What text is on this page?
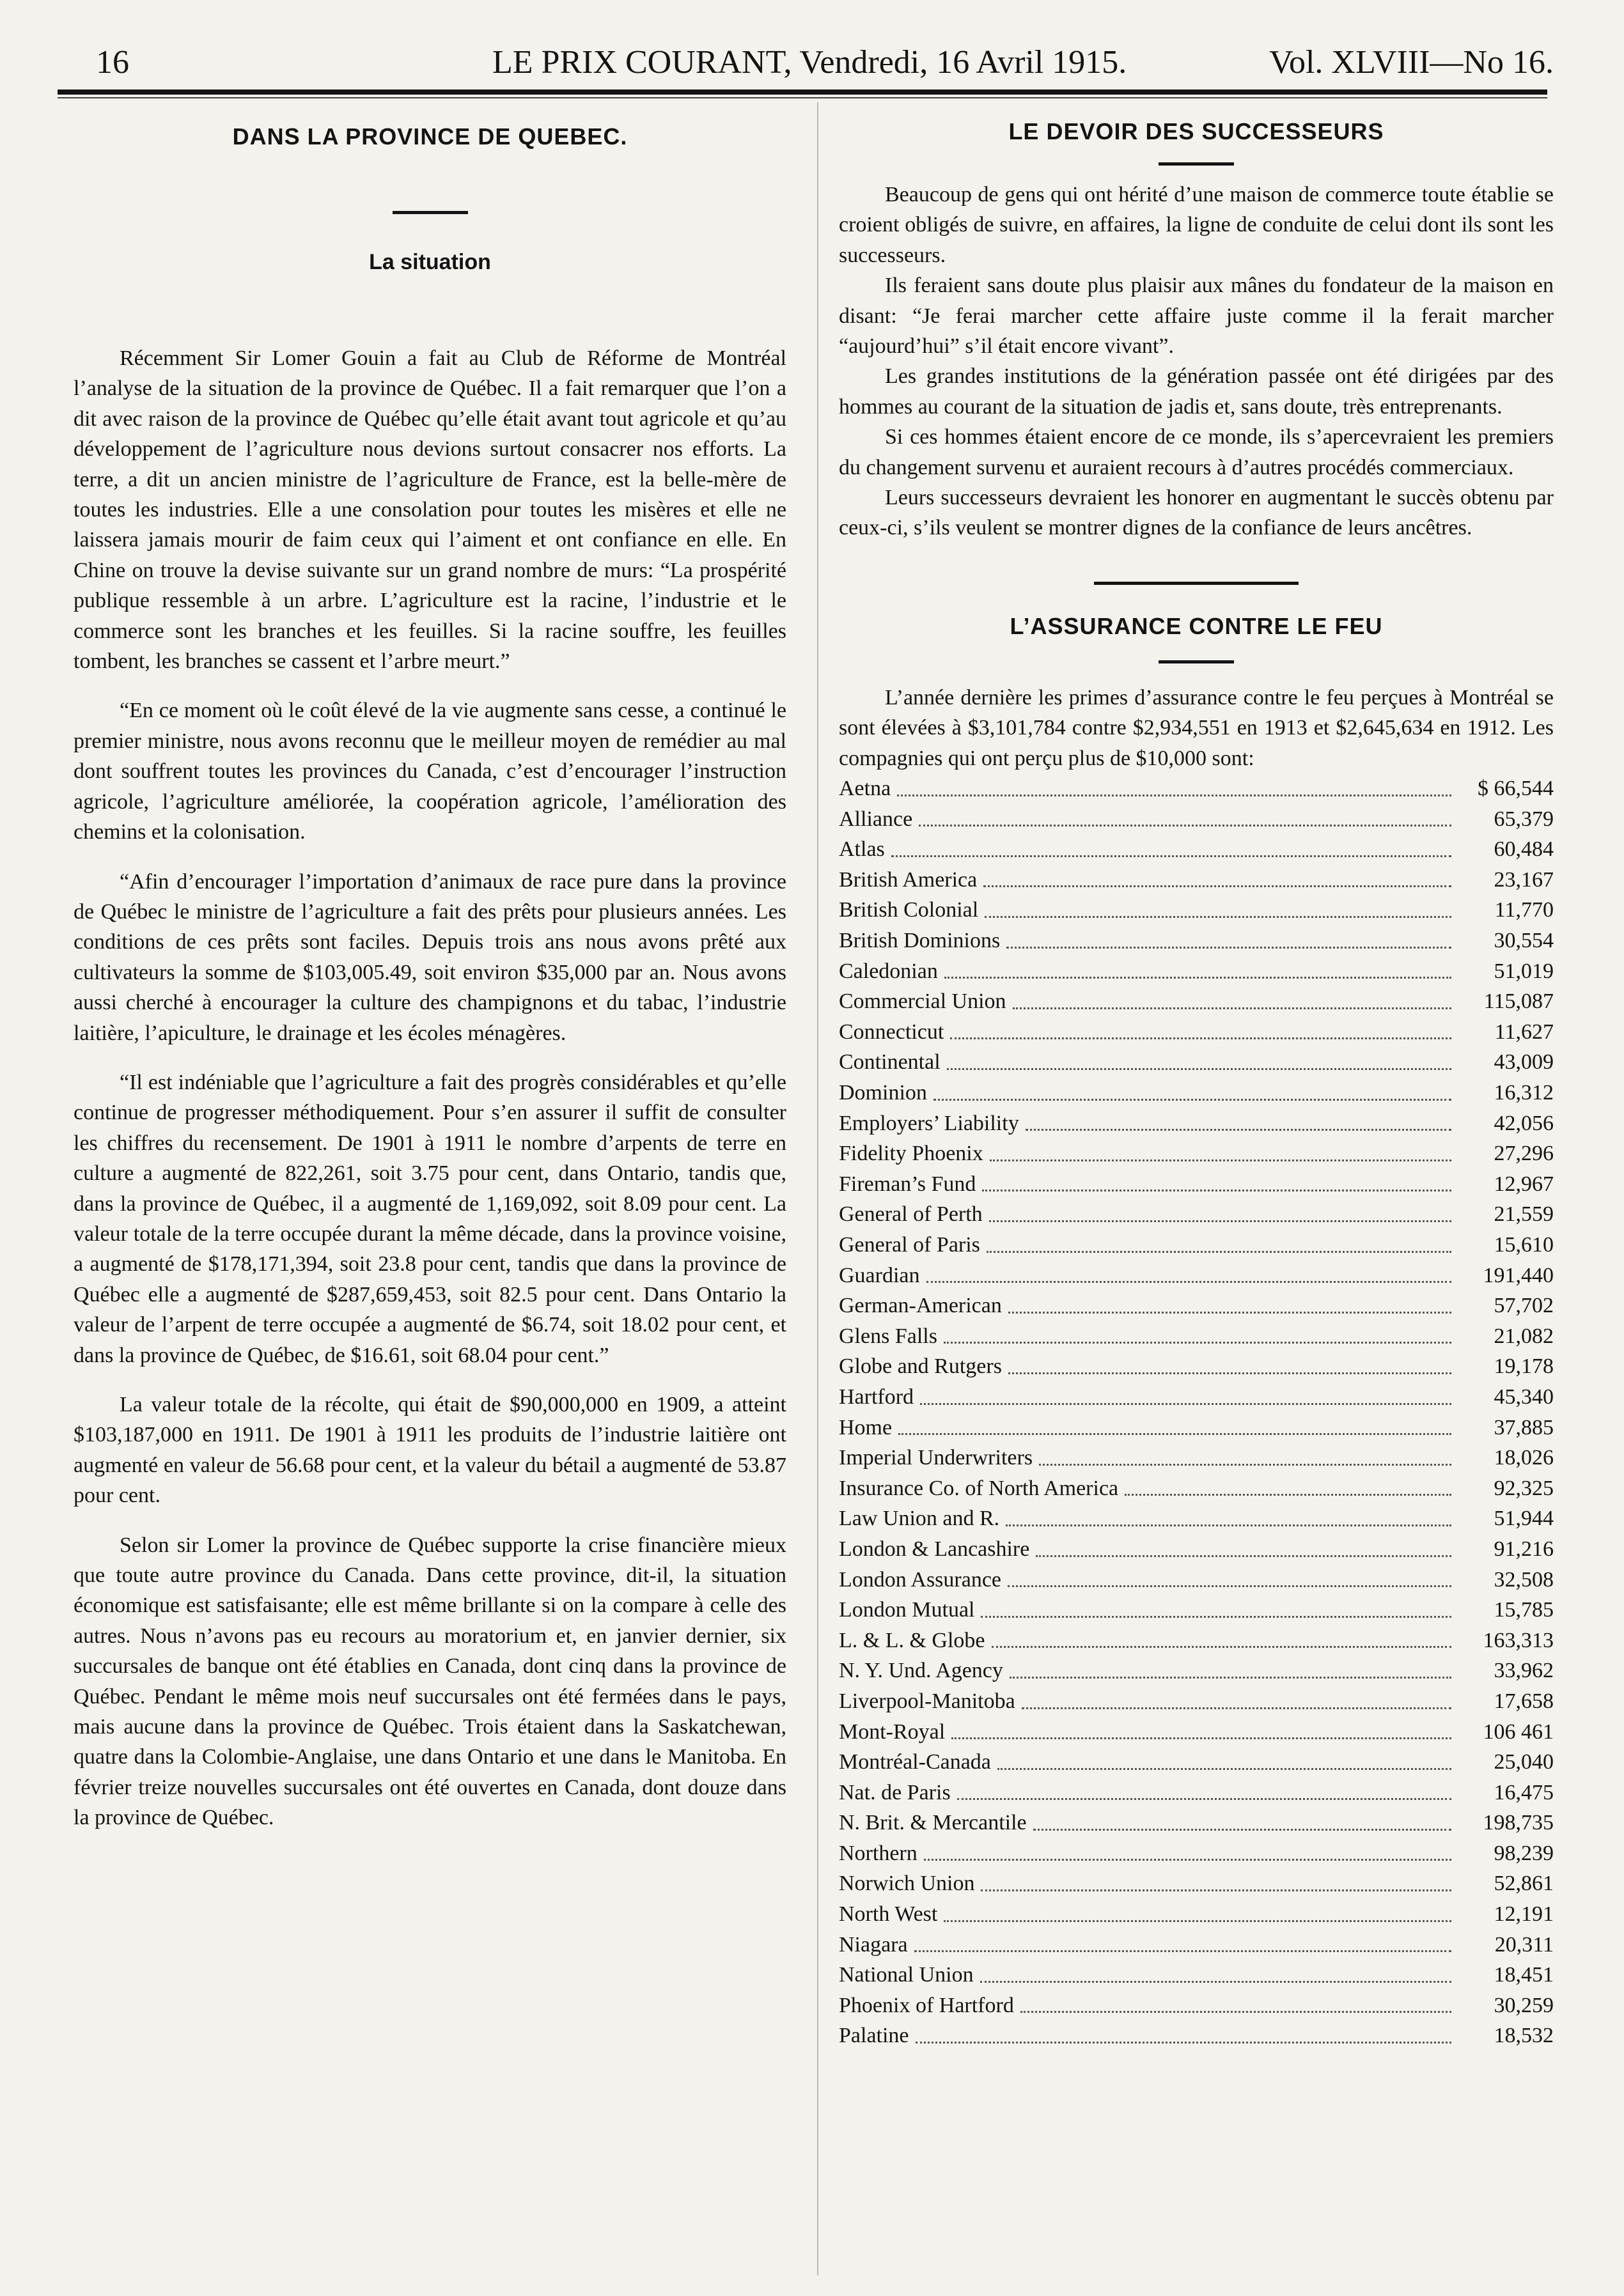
16	LE PRIX COURANT, Vendredi, 16 Avril 1915.	Vol. XLVIII—No 16.
DANS LA PROVINCE DE QUEBEC.
La situation

Récemment Sir Lomer Gouin a fait au Club de Réforme de Montréal l’analyse de la situation de la province de Québec. Il a fait remarquer que l’on a dit avec raison de la province de Québec qu’elle était avant tout agricole et qu’au développement de l’agriculture nous devions surtout consacrer nos efforts. La terre, a dit un ancien ministre de l’agriculture de France, est la belle-mère de toutes les industries. Elle a une consolation pour toutes les misères et elle ne laissera jamais mourir de faim ceux qui l’aiment et ont confiance en elle. En Chine on trouve la devise suivante sur un grand nombre de murs: “La prospérité publique ressemble à un arbre. L’agriculture est la racine, l’industrie et le commerce sont les branches et les feuilles. Si la racine souffre, les feuilles tombent, les branches se cassent et l’arbre meurt.”

“En ce moment où le coût élevé de la vie augmente sans cesse, a continué le premier ministre, nous avons reconnu que le meilleur moyen de remédier au mal dont souffrent toutes les provinces du Canada, c’est d’encourager l’instruction agricole, l’agriculture améliorée, la coopération agricole, l’amélioration des chemins et la colonisation.

“Afin d’encourager l’importation d’animaux de race pure dans la province de Québec le ministre de l’agriculture a fait des prêts pour plusieurs années. Les conditions de ces prêts sont faciles. Depuis trois ans nous avons prêté aux cultivateurs la somme de $103,005.49, soit environ $35,000 par an. Nous avons aussi cherché à encourager la culture des champignons et du tabac, l’industrie laitière, l’apiculture, le drainage et les écoles ménagères.

“Il est indéniable que l’agriculture a fait des progrès considérables et qu’elle continue de progresser méthodiquement. Pour s’en assurer il suffit de consulter les chiffres du recensement. De 1901 à 1911 le nombre d’arpents de terre en culture a augmenté de 822,261, soit 3.75 pour cent, dans Ontario, tandis que, dans la province de Québec, il a augmenté de 1,169,092, soit 8.09 pour cent. La valeur totale de la terre occupée durant la même décade, dans la province voisine, a augmenté de $178,171,394, soit 23.8 pour cent, tandis que dans la province de Québec elle a augmenté de $287,659,453, soit 82.5 pour cent. Dans Ontario la valeur de l’arpent de terre occupée a augmenté de $6.74, soit 18.02 pour cent, et dans la province de Québec, de $16.61, soit 68.04 pour cent.”

La valeur totale de la récolte, qui était de $90,000,000 en 1909, a atteint $103,187,000 en 1911. De 1901 à 1911 les produits de l’industrie laitière ont augmenté en valeur de 56.68 pour cent, et la valeur du bétail a augmenté de 53.87 pour cent.

Selon sir Lomer la province de Québec supporte la crise financière mieux que toute autre province du Canada. Dans cette province, dit-il, la situation économique est satisfaisante; elle est même brillante si on la compare à celle des autres. Nous n’avons pas eu recours au moratorium et, en janvier dernier, six succursales de banque ont été établies en Canada, dont cinq dans la province de Québec. Pendant le même mois neuf succursales ont été fermées dans le pays, mais aucune dans la province de Québec. Trois étaient dans la Saskatchewan, quatre dans la Colombie-Anglaise, une dans Ontario et une dans le Manitoba. En février treize nouvelles succursales ont été ouvertes en Canada, dont douze dans la province de Québec.

LE DEVOIR DES SUCCESSEURS

Beaucoup de gens qui ont hérité d’une maison de commerce toute établie se croient obligés de suivre, en affaires, la ligne de conduite de celui dont ils sont les successeurs.

Ils feraient sans doute plus plaisir aux mânes du fondateur de la maison en disant: “Je ferai marcher cette affaire juste comme il la ferait marcher “aujourd’hui” s’il était encore vivant”.

Les grandes institutions de la génération passée ont été dirigées par des hommes au courant de la situation de jadis et, sans doute, très entreprenants.

Si ces hommes étaient encore de ce monde, ils s’apercevraient les premiers du changement survenu et auraient recours à d’autres procédés commerciaux.

Leurs successeurs devraient les honorer en augmentant le succès obtenu par ceux-ci, s’ils veulent se montrer dignes de la confiance de leurs ancêtres.

L’ASSURANCE CONTRE LE FEU

L’année dernière les primes d’assurance contre le feu perçues à Montréal se sont élevées à $3,101,784 contre $2,934,551 en 1913 et $2,645,634 en 1912. Les compagnies qui ont perçu plus de $10,000 sont:

Aetna	$ 66,544
Alliance	65,379
Atlas	60,484
British America	23,167
British Colonial	11,770
British Dominions	30,554
Caledonian	51,019
Commercial Union	115,087
Connecticut	11,627
Continental	43,009
Dominion	16,312
Employers’ Liability	42,056
Fidelity Phoenix	27,296
Fireman’s Fund	12,967
General of Perth	21,559
General of Paris	15,610
Guardian	191,440
German-American	57,702
Glens Falls	21,082
Globe and Rutgers	19,178
Hartford	45,340
Home	37,885
Imperial Underwriters	18,026
Insurance Co. of North America	92,325
Law Union and R.	51,944
London & Lancashire	91,216
London Assurance	32,508
London Mutual	15,785
L. & L. & Globe	163,313
N. Y. Und. Agency	33,962
Liverpool-Manitoba	17,658
Mont-Royal	106 461
Montréal-Canada	25,040
Nat. de Paris	16,475
N. Brit. & Mercantile	198,735
Northern	98,239
Norwich Union	52,861
North West	12,191
Niagara	20,311
National Union	18,451
Phoenix of Hartford	30,259
Palatine	18,532
